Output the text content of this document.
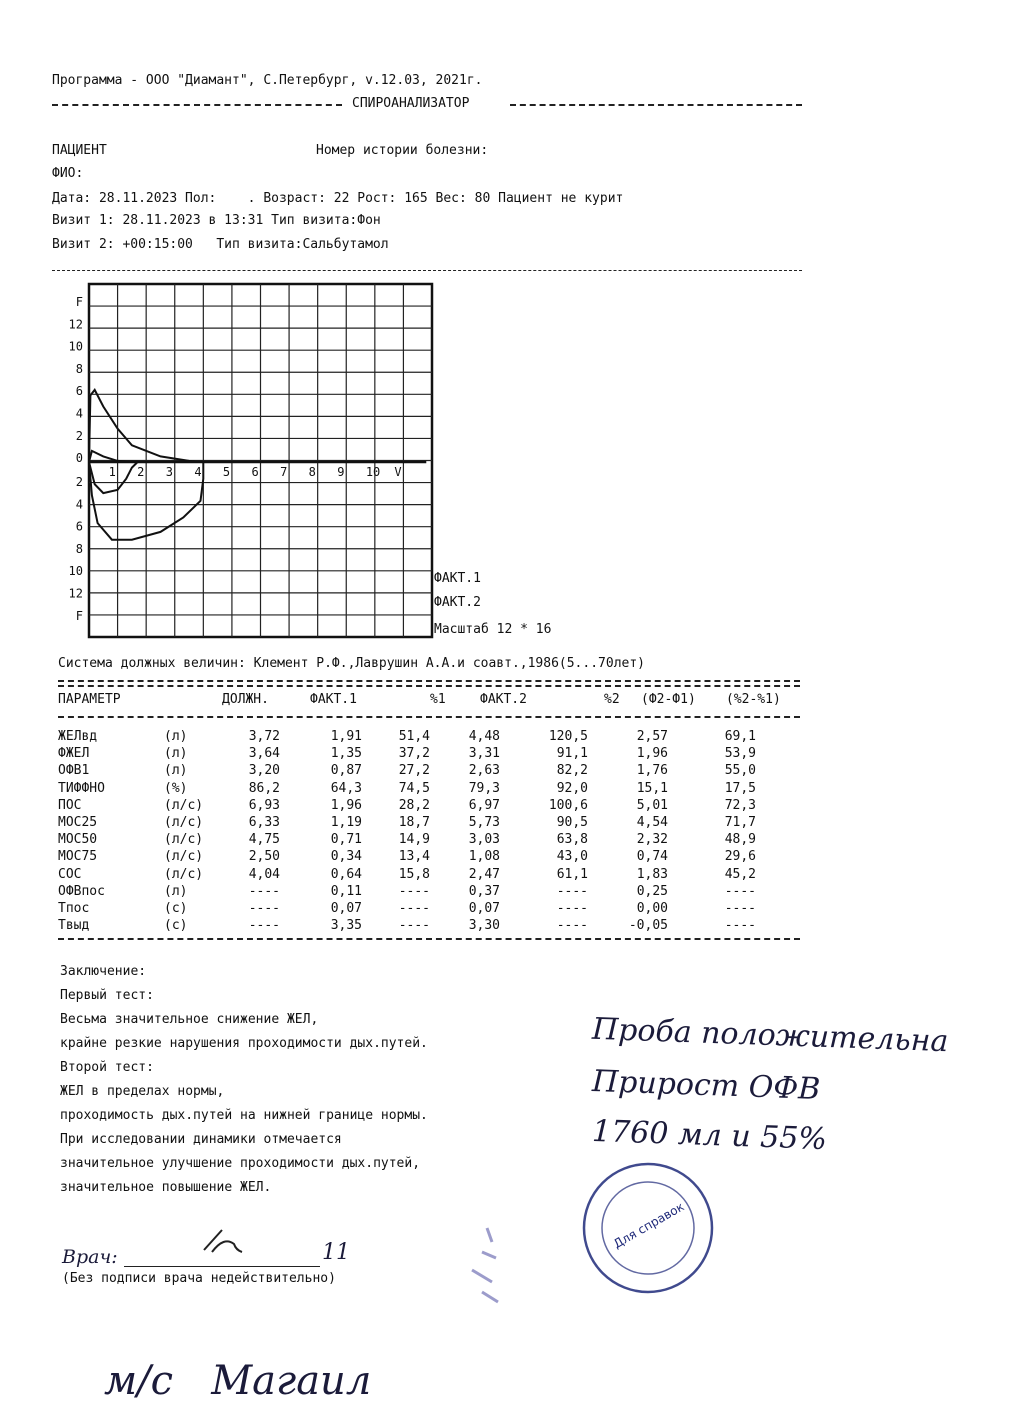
Программа - ООО "Диамант", С.Петербург, v.12.03, 2021г.
СПИРОАНАЛИЗАТОР
ПАЦИЕНТ	Номер истории болезни:
ФИО:
Дата: 28.11.2023 Пол:    . Возраст: 22 Рост: 165 Вес: 80 Пациент не курит
Визит 1: 28.11.2023 в 13:31 Тип визита:Фон
Визит 2: +00:15:00   Тип визита:Сальбутамол
F
12
10
8
6
4
2
0
2
4
6
8
10
12
F
1 2 3 4 5 6 7 8 9 10 V
ФАКТ.1
ФАКТ.2
Масштаб 12 * 16
Система должных величин: Клемент Р.Ф.,Лаврушин А.А.и соавт.,1986(5...70лет)
ПАРАМЕТР	ДОЛЖН.	ФАКТ.1	%1	ФАКТ.2	%2 (Ф2-Ф1) (%2-%1)
ЖЕЛвд	(л)	3,72	1,91	51,4	4,48	120,5	2,57	69,1
ФЖЕЛ	(л)	3,64	1,35	37,2	3,31	91,1	1,96	53,9
ОФВ1	(л)	3,20	0,87	27,2	2,63	82,2	1,76	55,0
ТИФФНО	(%)	86,2	64,3	74,5	79,3	92,0	15,1	17,5
ПОС	(л/с)	6,93	1,96	28,2	6,97	100,6	5,01	72,3
МОС25	(л/с)	6,33	1,19	18,7	5,73	90,5	4,54	71,7
МОС50	(л/с)	4,75	0,71	14,9	3,03	63,8	2,32	48,9
МОС75	(л/с)	2,50	0,34	13,4	1,08	43,0	0,74	29,6
СОС	(л/с)	4,04	0,64	15,8	2,47	61,1	1,83	45,2
ОФВпос	(л)	----	0,11	----	0,37	----	0,25	----
Tпос	(с)	----	0,07	----	0,07	----	0,00	----
Tвыд	(с)	----	3,35	----	3,30	----	-0,05	----
Заключение:
Первый тест:
Весьма значительное снижение ЖЕЛ,
крайне резкие нарушения проходимости дых.путей.
Второй тест:
ЖЕЛ в пределах нормы,
проходимость дых.путей на нижней границе нормы.
При исследовании динамики отмечается
значительное улучшение проходимости дых.путей,
значительное повышение ЖЕЛ.
Проба положительна
Прирост ОФВ
1760 мл и 55%
Для справок
Врач:	11
(Без подписи врача недействительно)
м/с   Магаил
